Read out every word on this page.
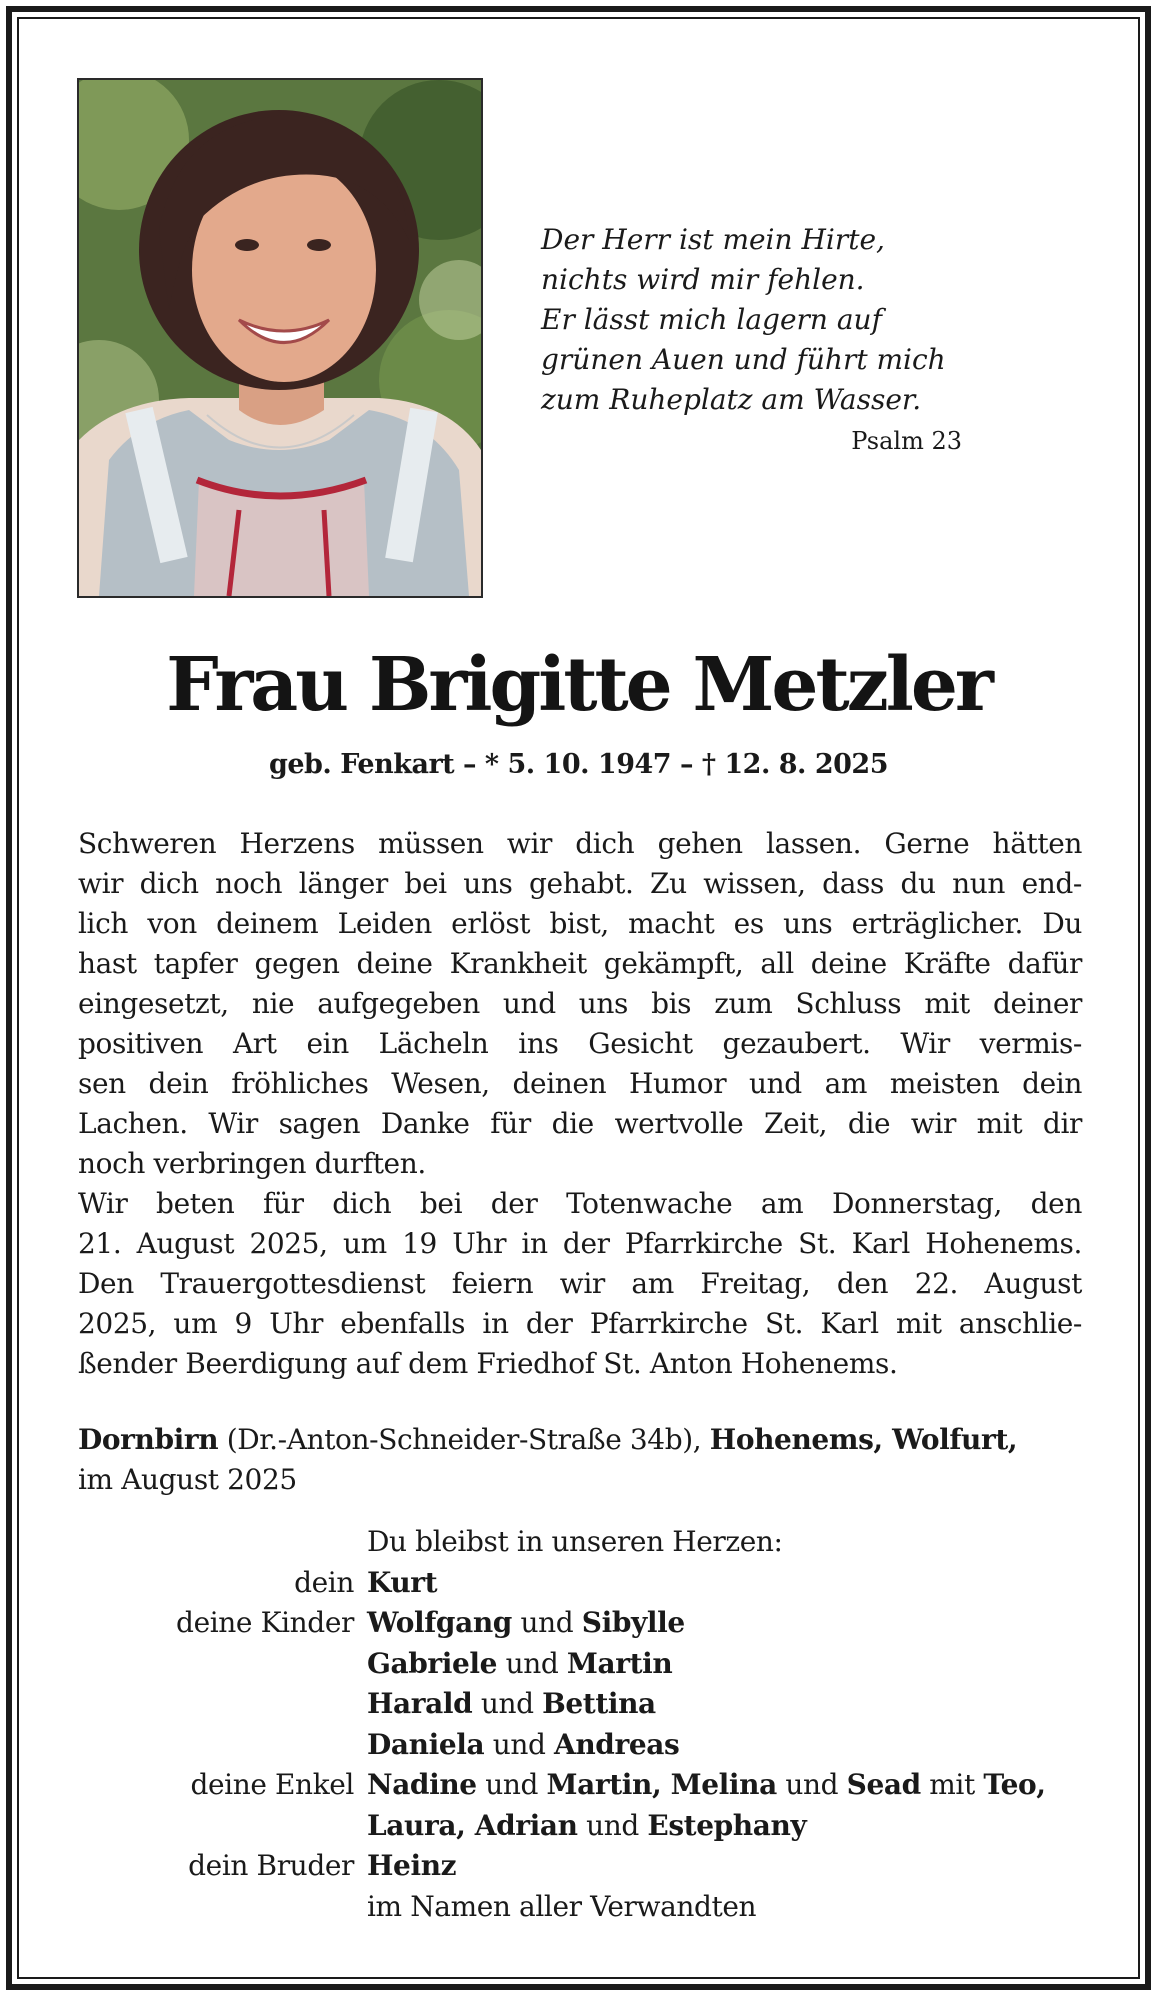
Der Herr ist mein Hirte,
nichts wird mir fehlen.
Er lässt mich lagern auf
grünen Auen und führt mich
zum Ruheplatz am Wasser.
Psalm 23
Frau Brigitte Metzler
geb. Fenkart – * 5. 10. 1947 – † 12. 8. 2025
Schweren Herzens müssen wir dich gehen lassen. Gerne hätten
wir dich noch länger bei uns gehabt. Zu wissen, dass du nun end-
lich von deinem Leiden erlöst bist, macht es uns erträglicher. Du
hast tapfer gegen deine Krankheit gekämpft, all deine Kräfte dafür
eingesetzt, nie aufgegeben und uns bis zum Schluss mit deiner
positiven Art ein Lächeln ins Gesicht gezaubert. Wir vermis-
sen dein fröhliches Wesen, deinen Humor und am meisten dein
Lachen. Wir sagen Danke für die wertvolle Zeit, die wir mit dir
noch verbringen durften.
Wir beten für dich bei der Totenwache am Donnerstag, den
21. August 2025, um 19 Uhr in der Pfarrkirche St. Karl Hohenems.
Den Trauergottesdienst feiern wir am Freitag, den 22. August
2025, um 9 Uhr ebenfalls in der Pfarrkirche St. Karl mit anschlie-
ßender Beerdigung auf dem Friedhof St. Anton Hohenems.
Dornbirn (Dr.-Anton-Schneider-Straße 34b), Hohenems, Wolfurt,
im August 2025
Du bleibst in unseren Herzen:
dein Kurt
deine Kinder Wolfgang und Sibylle
Gabriele und Martin
Harald und Bettina
Daniela und Andreas
deine Enkel Nadine und Martin, Melina und Sead mit Teo,
Laura, Adrian und Estephany
dein Bruder Heinz
im Namen aller Verwandten
